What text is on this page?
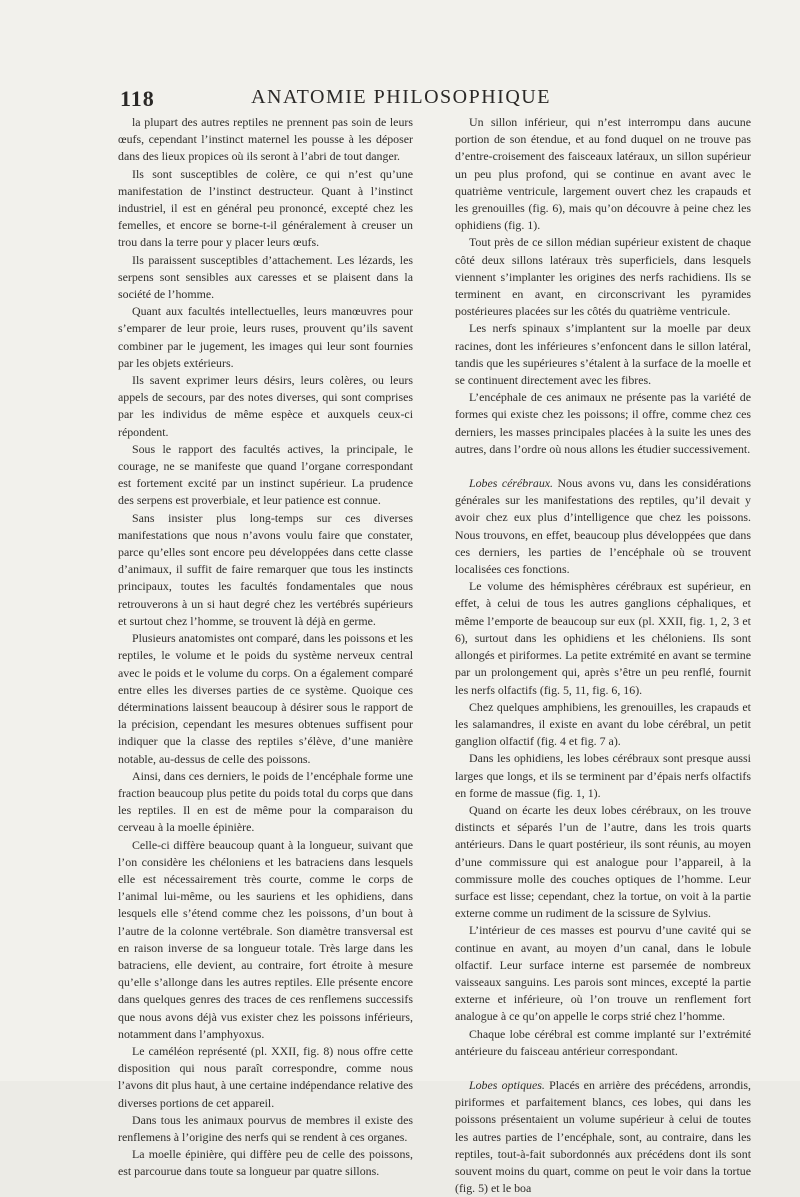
118	ANATOMIE PHILOSOPHIQUE

la plupart des autres reptiles ne prennent pas soin de leurs œufs, cependant l’instinct maternel les pousse à les déposer dans des lieux propices où ils seront à l’abri de tout danger.

Ils sont susceptibles de colère, ce qui n’est qu’une manifestation de l’instinct destructeur. Quant à l’instinct industriel, il est en général peu prononcé, excepté chez les femelles, et encore se borne-t-il généralement à creuser un trou dans la terre pour y placer leurs œufs.

Ils paraissent susceptibles d’attachement. Les lézards, les serpens sont sensibles aux caresses et se plaisent dans la société de l’homme.

Quant aux facultés intellectuelles, leurs manœuvres pour s’emparer de leur proie, leurs ruses, prouvent qu’ils savent combiner par le jugement, les images qui leur sont fournies par les objets extérieurs.

Ils savent exprimer leurs désirs, leurs colères, ou leurs appels de secours, par des notes diverses, qui sont comprises par les individus de même espèce et auxquels ceux-ci répondent.

Sous le rapport des facultés actives, la principale, le courage, ne se manifeste que quand l’organe correspondant est fortement excité par un instinct supérieur. La prudence des serpens est proverbiale, et leur patience est connue.

Sans insister plus long-temps sur ces diverses manifestations que nous n’avons voulu faire que constater, parce qu’elles sont encore peu développées dans cette classe d’animaux, il suffit de faire remarquer que tous les instincts principaux, toutes les facultés fondamentales que nous retrouverons à un si haut degré chez les vertébrés supérieurs et surtout chez l’homme, se trouvent là déjà en germe.

Plusieurs anatomistes ont comparé, dans les poissons et les reptiles, le volume et le poids du système nerveux central avec le poids et le volume du corps. On a également comparé entre elles les diverses parties de ce système. Quoique ces déterminations laissent beaucoup à désirer sous le rapport de la précision, cependant les mesures obtenues suffisent pour indiquer que la classe des reptiles s’élève, d’une manière notable, au-dessus de celle des poissons.

Ainsi, dans ces derniers, le poids de l’encéphale forme une fraction beaucoup plus petite du poids total du corps que dans les reptiles. Il en est de même pour la comparaison du cerveau à la moelle épinière.

Celle-ci diffère beaucoup quant à la longueur, suivant que l’on considère les chéloniens et les batraciens dans lesquels elle est nécessairement très courte, comme le corps de l’animal lui-même, ou les sauriens et les ophidiens, dans lesquels elle s’étend comme chez les poissons, d’un bout à l’autre de la colonne vertébrale. Son diamètre transversal est en raison inverse de sa longueur totale. Très large dans les batraciens, elle devient, au contraire, fort étroite à mesure qu’elle s’allonge dans les autres reptiles. Elle présente encore dans quelques genres des traces de ces renflemens successifs que nous avons déjà vus exister chez les poissons inférieurs, notamment dans l’amphyoxus.

Le caméléon représenté (pl. XXII, fig. 8) nous offre cette disposition qui nous paraît correspondre, comme nous l’avons dit plus haut, à une certaine indépendance relative des diverses portions de cet appareil.

Dans tous les animaux pourvus de membres il existe des renflemens à l’origine des nerfs qui se rendent à ces organes.

La moelle épinière, qui diffère peu de celle des poissons, est parcourue dans toute sa longueur par quatre sillons.

Un sillon inférieur, qui n’est interrompu dans aucune portion de son étendue, et au fond duquel on ne trouve pas d’entre-croisement des faisceaux latéraux, un sillon supérieur un peu plus profond, qui se continue en avant avec le quatrième ventricule, largement ouvert chez les crapauds et les grenouilles (fig. 6), mais qu’on découvre à peine chez les ophidiens (fig. 1).

Tout près de ce sillon médian supérieur existent de chaque côté deux sillons latéraux très superficiels, dans lesquels viennent s’implanter les origines des nerfs rachidiens. Ils se terminent en avant, en circonscrivant les pyramides postérieures placées sur les côtés du quatrième ventricule.

Les nerfs spinaux s’implantent sur la moelle par deux racines, dont les inférieures s’enfoncent dans le sillon latéral, tandis que les supérieures s’étalent à la surface de la moelle et se continuent directement avec les fibres.

L’encéphale de ces animaux ne présente pas la variété de formes qui existe chez les poissons; il offre, comme chez ces derniers, les masses principales placées à la suite les unes des autres, dans l’ordre où nous allons les étudier successivement.

Lobes cérébraux. Nous avons vu, dans les considérations générales sur les manifestations des reptiles, qu’il devait y avoir chez eux plus d’intelligence que chez les poissons. Nous trouvons, en effet, beaucoup plus développées que dans ces derniers, les parties de l’encéphale où se trouvent localisées ces fonctions.

Le volume des hémisphères cérébraux est supérieur, en effet, à celui de tous les autres ganglions céphaliques, et même l’emporte de beaucoup sur eux (pl. XXII, fig. 1, 2, 3 et 6), surtout dans les ophidiens et les chéloniens. Ils sont allongés et piriformes. La petite extrémité en avant se termine par un prolongement qui, après s’être un peu renflé, fournit les nerfs olfactifs (fig. 5, 11, fig. 6, 16).

Chez quelques amphibiens, les grenouilles, les crapauds et les salamandres, il existe en avant du lobe cérébral, un petit ganglion olfactif (fig. 4 et fig. 7 a).

Dans les ophidiens, les lobes cérébraux sont presque aussi larges que longs, et ils se terminent par d’épais nerfs olfactifs en forme de massue (fig. 1, 1).

Quand on écarte les deux lobes cérébraux, on les trouve distincts et séparés l’un de l’autre, dans les trois quarts antérieurs. Dans le quart postérieur, ils sont réunis, au moyen d’une commissure qui est analogue pour l’appareil, à la commissure molle des couches optiques de l’homme. Leur surface est lisse; cependant, chez la tortue, on voit à la partie externe comme un rudiment de la scissure de Sylvius.

L’intérieur de ces masses est pourvu d’une cavité qui se continue en avant, au moyen d’un canal, dans le lobule olfactif. Leur surface interne est parsemée de nombreux vaisseaux sanguins. Les parois sont minces, excepté la partie externe et inférieure, où l’on trouve un renflement fort analogue à ce qu’on appelle le corps strié chez l’homme.

Chaque lobe cérébral est comme implanté sur l’extrémité antérieure du faisceau antérieur correspondant.

Lobes optiques. Placés en arrière des précédens, arrondis, piriformes et parfaitement blancs, ces lobes, qui dans les poissons présentaient un volume supérieur à celui de toutes les autres parties de l’encéphale, sont, au contraire, dans les reptiles, tout-à-fait subordonnés aux précédens dont ils sont souvent moins du quart, comme on peut le voir dans la tortue (fig. 5) et le boa
